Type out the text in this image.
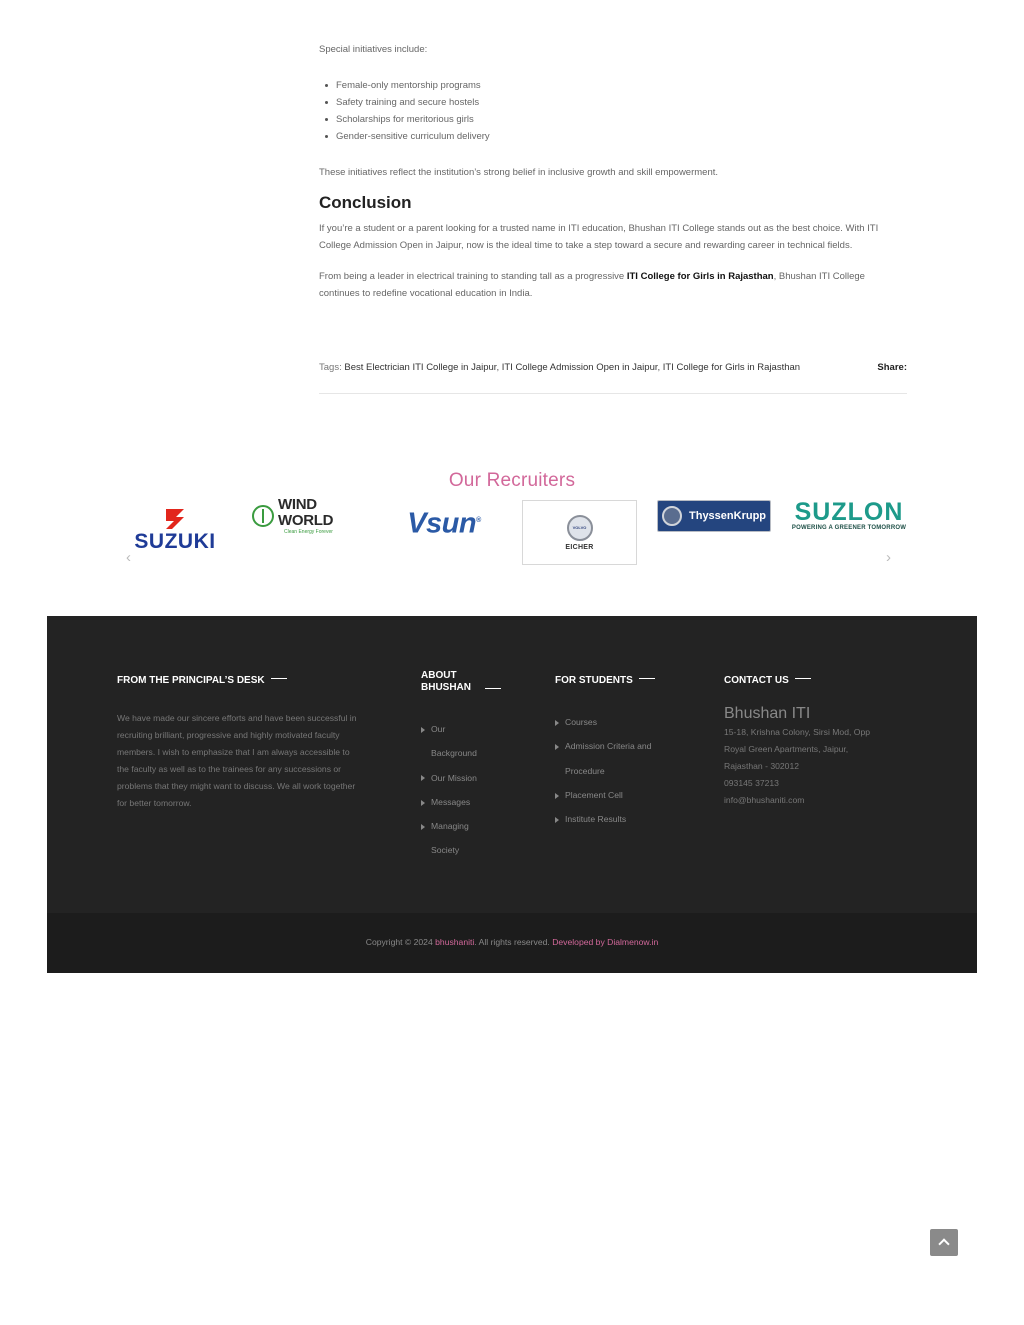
Special initiatives include:

Female-only mentorship programs
Safety training and secure hostels
Scholarships for meritorious girls
Gender-sensitive curriculum delivery

These initiatives reflect the institution’s strong belief in inclusive growth and skill empowerment.

Conclusion

If you’re a student or a parent looking for a trusted name in ITI education, Bhushan ITI College stands out as the best choice. With ITI College Admission Open in Jaipur, now is the ideal time to take a step toward a secure and rewarding career in technical fields.

From being a leader in electrical training to standing tall as a progressive ITI College for Girls in Rajasthan, Bhushan ITI College continues to redefine vocational education in India.

Tags: Best Electrician ITI College in Jaipur, ITI College Admission Open in Jaipur, ITI College for Girls in Rajasthan	Share:
Our Recruiters
SUZUKI
WIND WORLD
Clean Energy Forever	Vsun®
VOLVO
EICHER
ThyssenKrupp SUZLON
POWERING A GREENER TOMORROW
‹	›
FROM THE PRINCIPAL’S DESK

We have made our sincere efforts and have been successful in recruiting brilliant, progressive and highly motivated faculty members. I wish to emphasize that I am always accessible to the faculty as well as to the trainees for any successions or problems that they might want to discuss. We all work together for better tomorrow.

ABOUT
BHUSHAN
Our
Background
Our Mission
Messages
Managing
Society
FOR STUDENTS
Courses
Admission Criteria and
Procedure
Placement Cell
Institute Results
CONTACT US

Bhushan ITI

15-18, Krishna Colony, Sirsi Mod, Opp

Royal Green Apartments, Jaipur,

Rajasthan - 302012

093145 37213

info@bhushaniti.com

Copyright © 2024 bhushaniti. All rights reserved. Developed by Dialmenow.in
